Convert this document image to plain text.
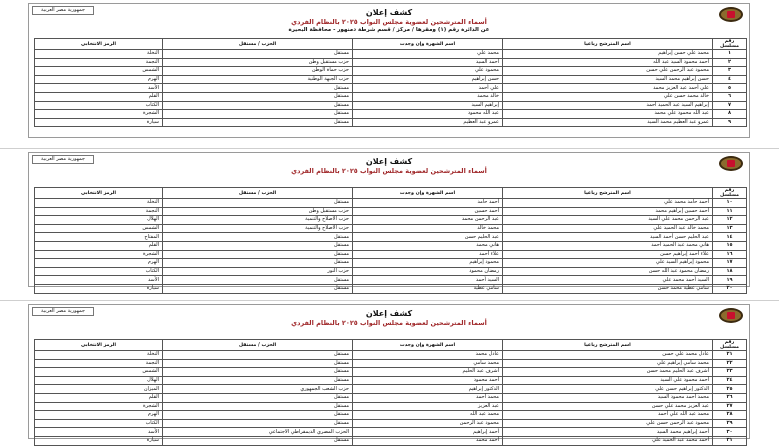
جمهورية مصر العربية	كشف إعلان
أسماء المترشحين لعضوية مجلس النواب ٢٠٢٥ بالنظام الفردي
عن الدائرة رقم (١) ومقرها / مركز / قسم شرطة دمنهور - محافظة البحيرة
رقم مسلسل	اسم المترشح رباعيا	اسم الشهرة وإن وجدت	الحزب / مستقل	الرمز الانتخابي
١	محمد علي حسن إبراهيم	محمد علي	مستقل	النخلة
٢	أحمد محمود السيد عبد الله	أحمد السيد	حزب مستقبل وطن	النجمة
٣	محمود عبد الرحمن علي حسن	محمود علي	حزب حماة الوطن	الشمس
٤	حسن إبراهيم محمد السيد	حسن إبراهيم	حزب الجبهة الوطنية	الهرم
٥	علي أحمد عبد العزيز محمد	علي أحمد	مستقل	الأسد
٦	خالد محمد حسن علي	خالد محمد	مستقل	القلم
٧	إبراهيم السيد عبد الحميد أحمد	إبراهيم السيد	مستقل	الكتاب
٨	عبد الله محمود علي محمد	عبد الله محمود	مستقل	الشجرة
٩	عمرو عبد العظيم محمد السيد	عمرو عبد العظيم	مستقل	سيارة
جمهورية مصر العربية	كشف إعلان
أسماء المترشحين لعضوية مجلس النواب ٢٠٢٥ بالنظام الفردي
رقم مسلسل	اسم المترشح رباعيا	اسم الشهرة وإن وجدت	الحزب / مستقل	الرمز الانتخابي
١٠	أحمد حامد محمد علي	أحمد حامد	مستقل	النخلة
١١	أحمد حسين إبراهيم محمد	أحمد حسين	حزب مستقبل وطن	النجمة
١٢	عبد الرحمن محمد علي السيد	عبد الرحمن محمد	حزب الاصلاح والتنمية	الهلال
١٣	محمد خالد عبد الحميد علي	محمد خالد	حزب الاصلاح والتنمية	الشمس
١٤	عبد الحليم حسن أحمد السيد	عبد الحليم حسن	مستقل	المفتاح
١٥	هاني محمد عبد الحميد أحمد	هاني محمد	مستقل	القلم
١٦	علاء أحمد إبراهيم حسن	علاء أحمد	مستقل	الشجرة
١٧	محمود إبراهيم السيد علي	محمود إبراهيم	مستقل	الهرم
١٨	رمضان محمود عبد الله حسن	رمضان محمود	حزب النور	الكتاب
١٩	السيد أحمد محمد علي	السيد أحمد	مستقل	الأسد
٢٠	سامي عطية محمد حسن	سامي عطية	مستقل	سيارة
جمهورية مصر العربية	كشف إعلان
أسماء المترشحين لعضوية مجلس النواب ٢٠٢٥ بالنظام الفردي
رقم مسلسل	اسم المترشح رباعيا	اسم الشهرة وإن وجدت	الحزب / مستقل	الرمز الانتخابي
٢١	عادل محمد علي حسن	عادل محمد	مستقل	النخلة
٢٢	محمد سامي إبراهيم علي	محمد سامي	مستقل	النجمة
٢٣	أشرف عبد الحليم محمد حسن	أشرف عبد الحليم	مستقل	الشمس
٢٤	أحمد محمود علي السيد	أحمد محمود	مستقل	الهلال
٢٥	الدكتور إبراهيم حسن علي	الدكتور إبراهيم	حزب الشعب الجمهوري	الميزان
٢٦	محمد أحمد محمود السيد	محمد أحمد	مستقل	القلم
٢٧	عبد العزيز محمد علي حسن	عبد العزيز	مستقل	الشجرة
٢٨	محمد عبد الله علي أحمد	محمد عبد الله	مستقل	الهرم
٢٩	محمود عبد الرحمن حسن علي	محمود عبد الرحمن	مستقل	الكتاب
٣٠	أحمد إبراهيم محمد السيد	أحمد إبراهيم	الحزب المصري الديمقراطي الاجتماعي	الأسد
٣١	أحمد محمد عبد الحميد علي	أحمد محمد	مستقل	سيارة
